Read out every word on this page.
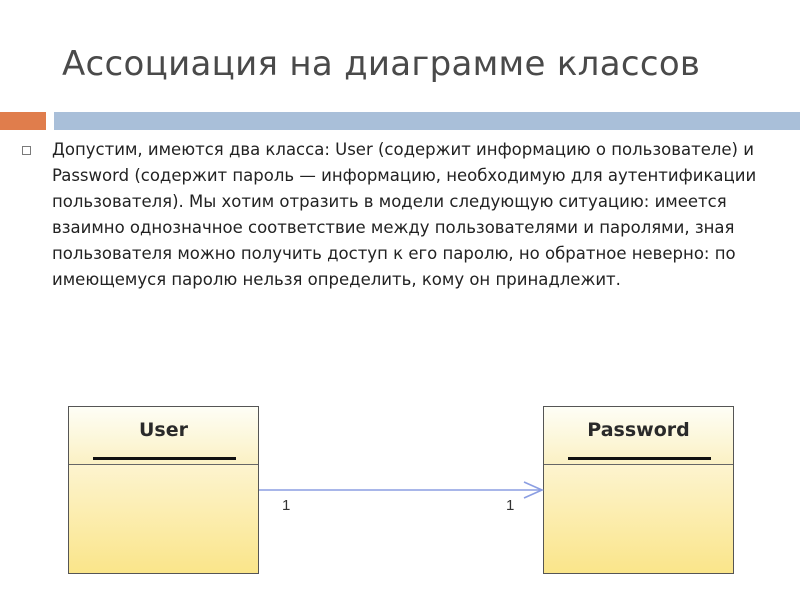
Ассоциация на диаграмме классов
Допустим, имеются два класса: User (содержит информацию о пользователе) и Password (содержит пароль — информацию, необходимую для аутентификации пользователя). Мы хотим отразить в модели следующую ситуацию: имеется взаимно однозначное соответствие между пользователями и паролями, зная пользователя можно получить доступ к его паролю, но обратное неверно: по имеющемуся паролю нельзя определить, кому он принадлежит.
User	Password
1	1
